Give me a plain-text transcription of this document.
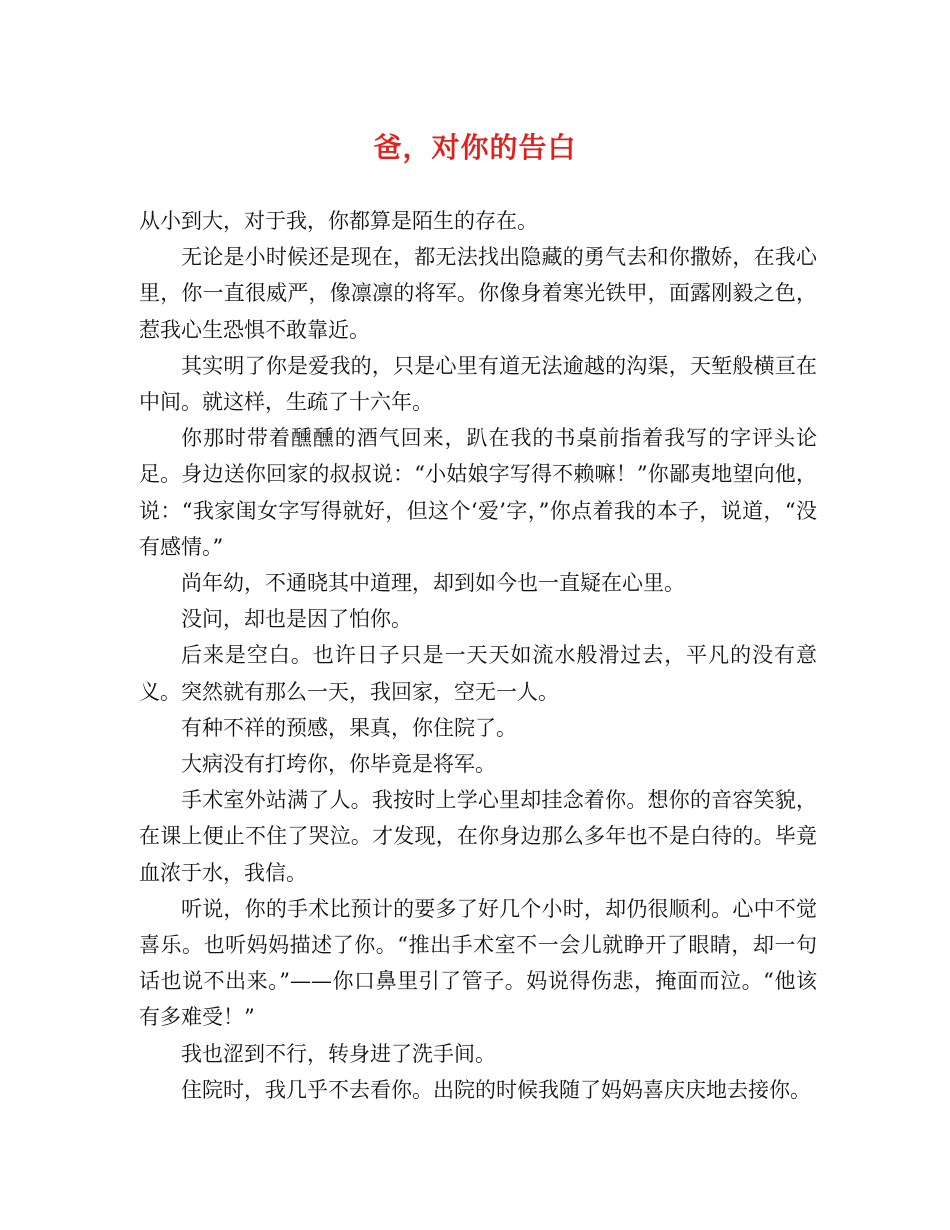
爸，对你的告白

从小到大，对于我，你都算是陌生的存在。

无论是小时候还是现在，都无法找出隐藏的勇气去和你撒娇，在我心里，你一直很威严，像凛凛的将军。你像身着寒光铁甲，面露刚毅之色，惹我心生恐惧不敢靠近。

其实明了你是爱我的，只是心里有道无法逾越的沟渠，天堑般横亘在中间。就这样，生疏了十六年。

你那时带着醺醺的酒气回来，趴在我的书桌前指着我写的字评头论足。身边送你回家的叔叔说：“小姑娘字写得不赖嘛！”你鄙夷地望向他，说：“我家闺女字写得就好，但这个‘爱’字，”你点着我的本子，说道，“没有感情。”

尚年幼，不通晓其中道理，却到如今也一直疑在心里。

没问，却也是因了怕你。

后来是空白。也许日子只是一天天如流水般滑过去，平凡的没有意义。突然就有那么一天，我回家，空无一人。

有种不祥的预感，果真，你住院了。

大病没有打垮你，你毕竟是将军。

手术室外站满了人。我按时上学心里却挂念着你。想你的音容笑貌，在课上便止不住了哭泣。才发现，在你身边那么多年也不是白待的。毕竟血浓于水，我信。

听说，你的手术比预计的要多了好几个小时，却仍很顺利。心中不觉喜乐。也听妈妈描述了你。“推出手术室不一会儿就睁开了眼睛，却一句话也说不出来。”——你口鼻里引了管子。妈说得伤悲，掩面而泣。“他该有多难受！”

我也涩到不行，转身进了洗手间。

住院时，我几乎不去看你。出院的时候我随了妈妈喜庆庆地去接你。
